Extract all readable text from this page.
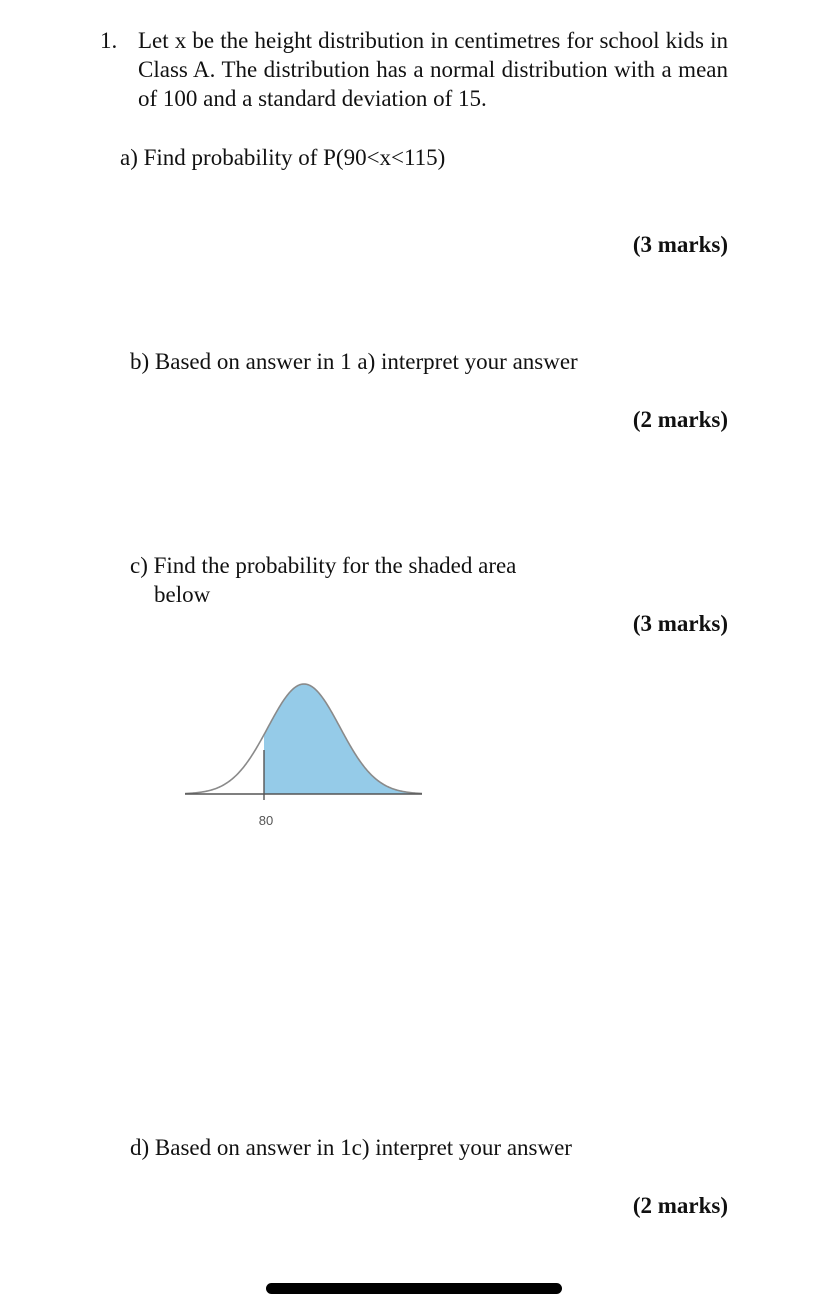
1. Let x be the height distribution in centimetres for school kids in Class A. The distribution has a normal distribution with a mean of 100 and a standard deviation of 15.
a) Find probability of P(90<x<115)
(3 marks)
b) Based on answer in 1 a) interpret your answer
(2 marks)
c) Find the probability for the shaded area
below
(3 marks)
80
d) Based on answer in 1c) interpret your answer
(2 marks)
